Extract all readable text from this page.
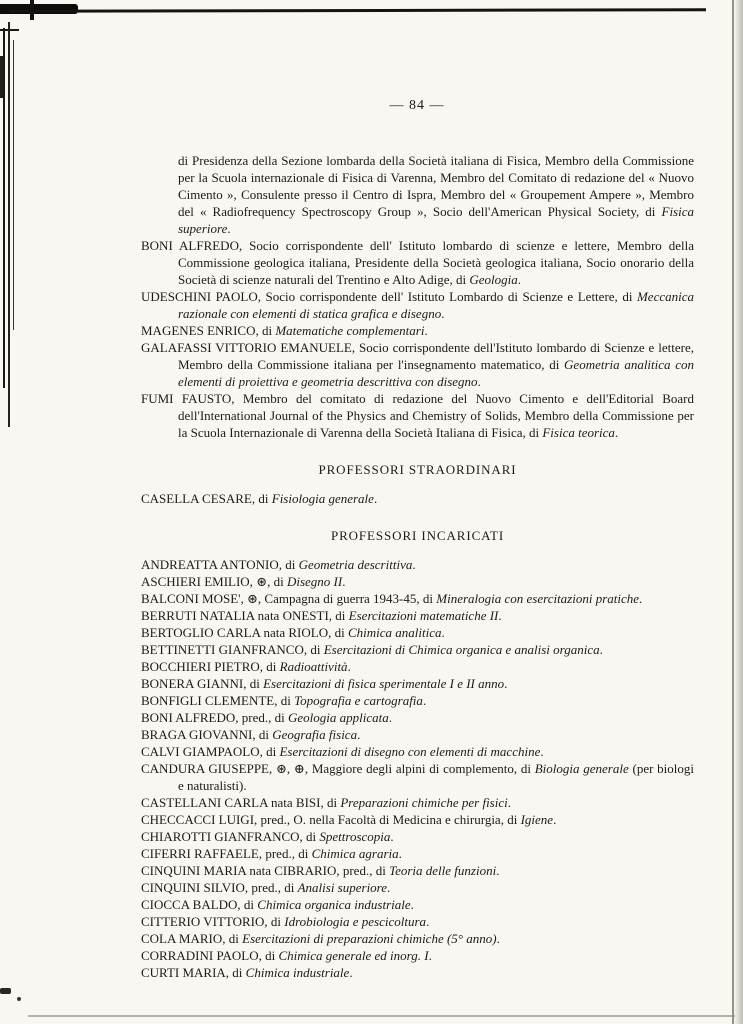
— 84 —
di Presidenza della Sezione lombarda della Società italiana di Fisica, Membro della Commissione per la Scuola internazionale di Fisica di Varenna, Membro del Comitato di redazione del « Nuovo Cimento », Consulente presso il Centro di Ispra, Membro del « Groupement Ampere », Membro del « Radiofrequency Spectroscopy Group », Socio dell'American Physical Society, di Fisica superiore.
BONI ALFREDO, Socio corrispondente dell' Istituto lombardo di scienze e lettere, Membro della Commissione geologica italiana, Presidente della Società geologica italiana, Socio onorario della Società di scienze naturali del Trentino e Alto Adige, di Geologia.
UDESCHINI PAOLO, Socio corrispondente dell' Istituto Lombardo di Scienze e Lettere, di Meccanica razionale con elementi di statica grafica e disegno.
MAGENES ENRICO, di Matematiche complementari.
GALAFASSI VITTORIO EMANUELE, Socio corrispondente dell'Istituto lombardo di Scienze e lettere, Membro della Commissione italiana per l'insegnamento matematico, di Geometria analitica con elementi di proiettiva e geometria descrittiva con disegno.
FUMI FAUSTO, Membro del comitato di redazione del Nuovo Cimento e dell'Editorial Board dell'International Journal of the Physics and Chemistry of Solids, Membro della Commissione per la Scuola Internazionale di Varenna della Società Italiana di Fisica, di Fisica teorica.
PROFESSORI STRAORDINARI
CASELLA CESARE, di Fisiologia generale.
PROFESSORI INCARICATI
ANDREATTA ANTONIO, di Geometria descrittiva.
ASCHIERI EMILIO, ⊛, di Disegno II.
BALCONI MOSE', ⊛, Campagna di guerra 1943-45, di Mineralogia con esercitazioni pratiche.
BERRUTI NATALIA nata ONESTI, di Esercitazioni matematiche II.
BERTOGLIO CARLA nata RIOLO, di Chimica analitica.
BETTINETTI GIANFRANCO, di Esercitazioni di Chimica organica e analisi organica.
BOCCHIERI PIETRO, di Radioattività.
BONERA GIANNI, di Esercitazioni di fisica sperimentale I e II anno.
BONFIGLI CLEMENTE, di Topografia e cartografia.
BONI ALFREDO, pred., di Geologia applicata.
BRAGA GIOVANNI, di Geografia fisica.
CALVI GIAMPAOLO, di Esercitazioni di disegno con elementi di macchine.
CANDURA GIUSEPPE, ⊛, ⊕, Maggiore degli alpini di complemento, di Biologia generale (per biologi e naturalisti).
CASTELLANI CARLA nata BISI, di Preparazioni chimiche per fisici.
CHECCACCI LUIGI, pred., O. nella Facoltà di Medicina e chirurgia, di Igiene.
CHIAROTTI GIANFRANCO, di Spettroscopia.
CIFERRI RAFFAELE, pred., di Chimica agraria.
CINQUINI MARIA nata CIBRARIO, pred., di Teoria delle funzioni.
CINQUINI SILVIO, pred., di Analisi superiore.
CIOCCA BALDO, di Chimica organica industriale.
CITTERIO VITTORIO, di Idrobiologia e pescicoltura.
COLA MARIO, di Esercitazioni di preparazioni chimiche (5° anno).
CORRADINI PAOLO, di Chimica generale ed inorg. I.
CURTI MARIA, di Chimica industriale.
